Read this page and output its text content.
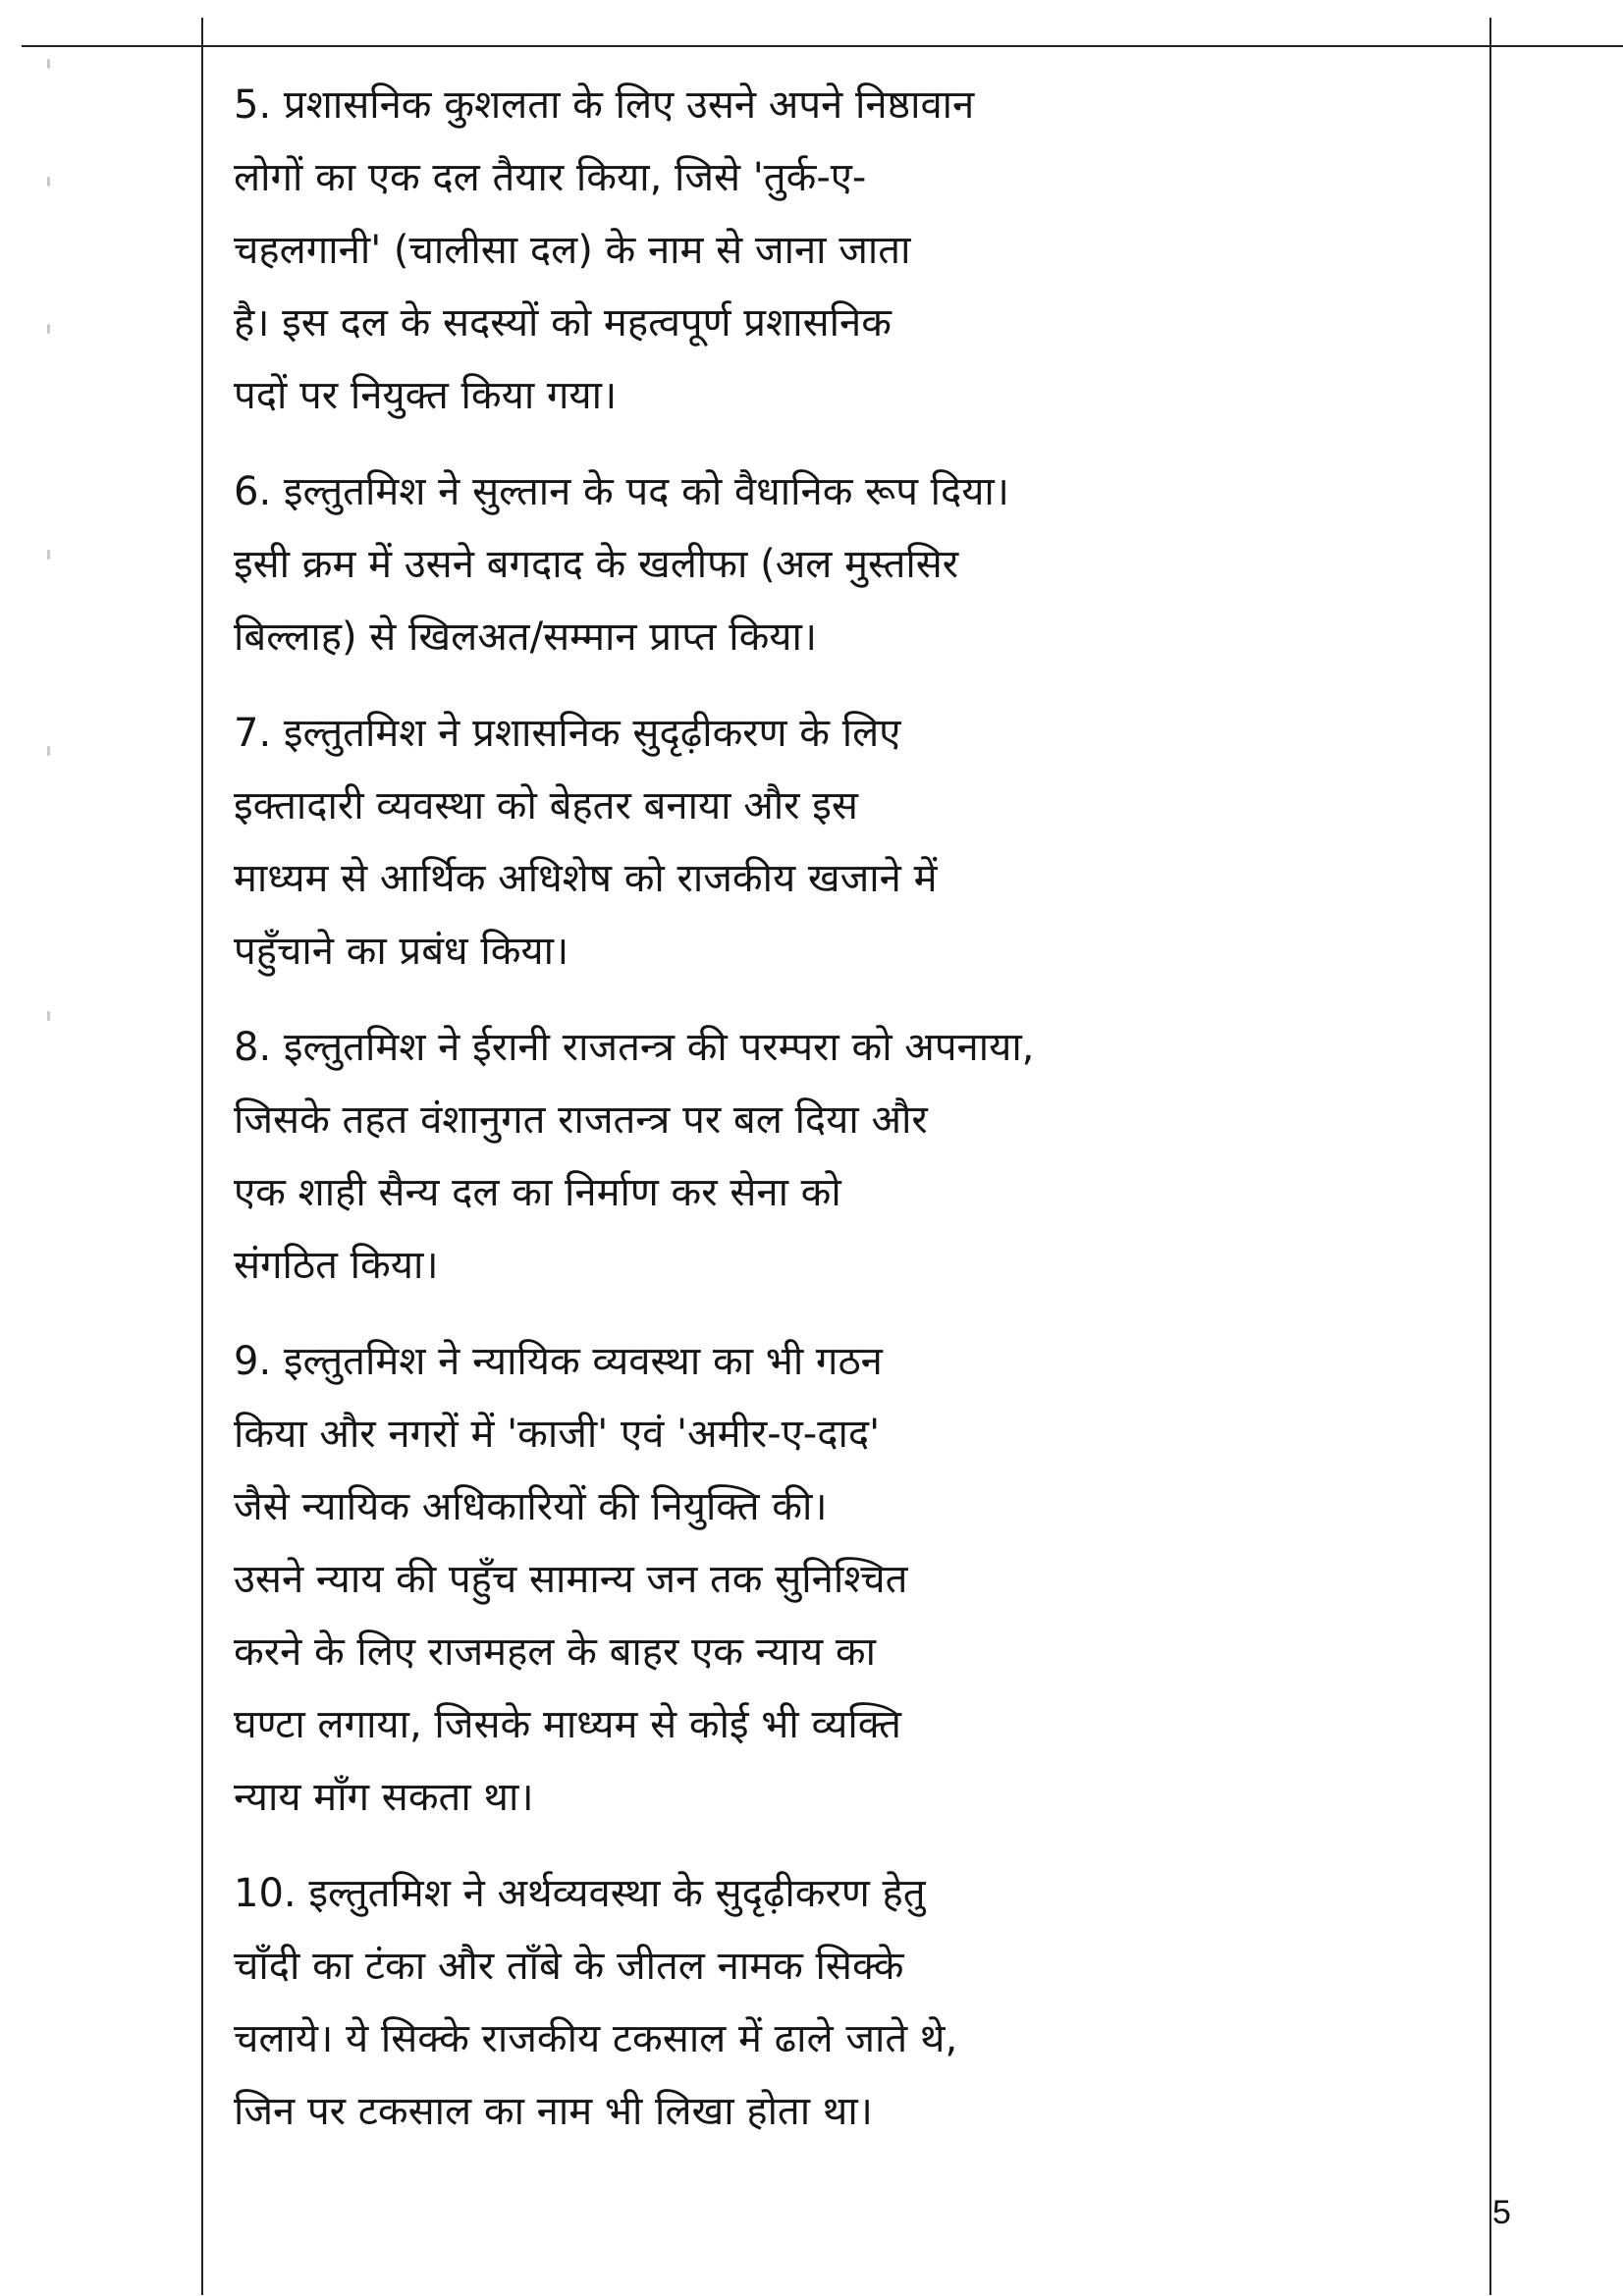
5. प्रशासनिक कुशलता के लिए उसने अपने निष्ठावान
लोगों का एक दल तैयार किया, जिसे 'तुर्क-ए-
चहलगानी' (चालीसा दल) के नाम से जाना जाता
है। इस दल के सदस्यों को महत्वपूर्ण प्रशासनिक
पदों पर नियुक्त किया गया।
6. इल्तुतमिश ने सुल्तान के पद को वैधानिक रूप दिया।
इसी क्रम में उसने बगदाद के खलीफा (अल मुस्तसिर
बिल्लाह) से खिलअत/सम्मान प्राप्त किया।
7. इल्तुतमिश ने प्रशासनिक सुदृढ़ीकरण के लिए
इक्तादारी व्यवस्था को बेहतर बनाया और इस
माध्यम से आर्थिक अधिशेष को राजकीय खजाने में
पहुँचाने का प्रबंध किया।
8. इल्तुतमिश ने ईरानी राजतन्त्र की परम्परा को अपनाया,
जिसके तहत वंशानुगत राजतन्त्र पर बल दिया और
एक शाही सैन्य दल का निर्माण कर सेना को
संगठित किया।
9. इल्तुतमिश ने न्यायिक व्यवस्था का भी गठन
किया और नगरों में 'काजी' एवं 'अमीर-ए-दाद'
जैसे न्यायिक अधिकारियों की नियुक्ति की।
उसने न्याय की पहुँच सामान्य जन तक सुनिश्चित
करने के लिए राजमहल के बाहर एक न्याय का
घण्टा लगाया, जिसके माध्यम से कोई भी व्यक्ति
न्याय माँग सकता था।
10. इल्तुतमिश ने अर्थव्यवस्था के सुदृढ़ीकरण हेतु
चाँदी का टंका और ताँबे के जीतल नामक सिक्के
चलाये। ये सिक्के राजकीय टकसाल में ढाले जाते थे,
जिन पर टकसाल का नाम भी लिखा होता था।
5
